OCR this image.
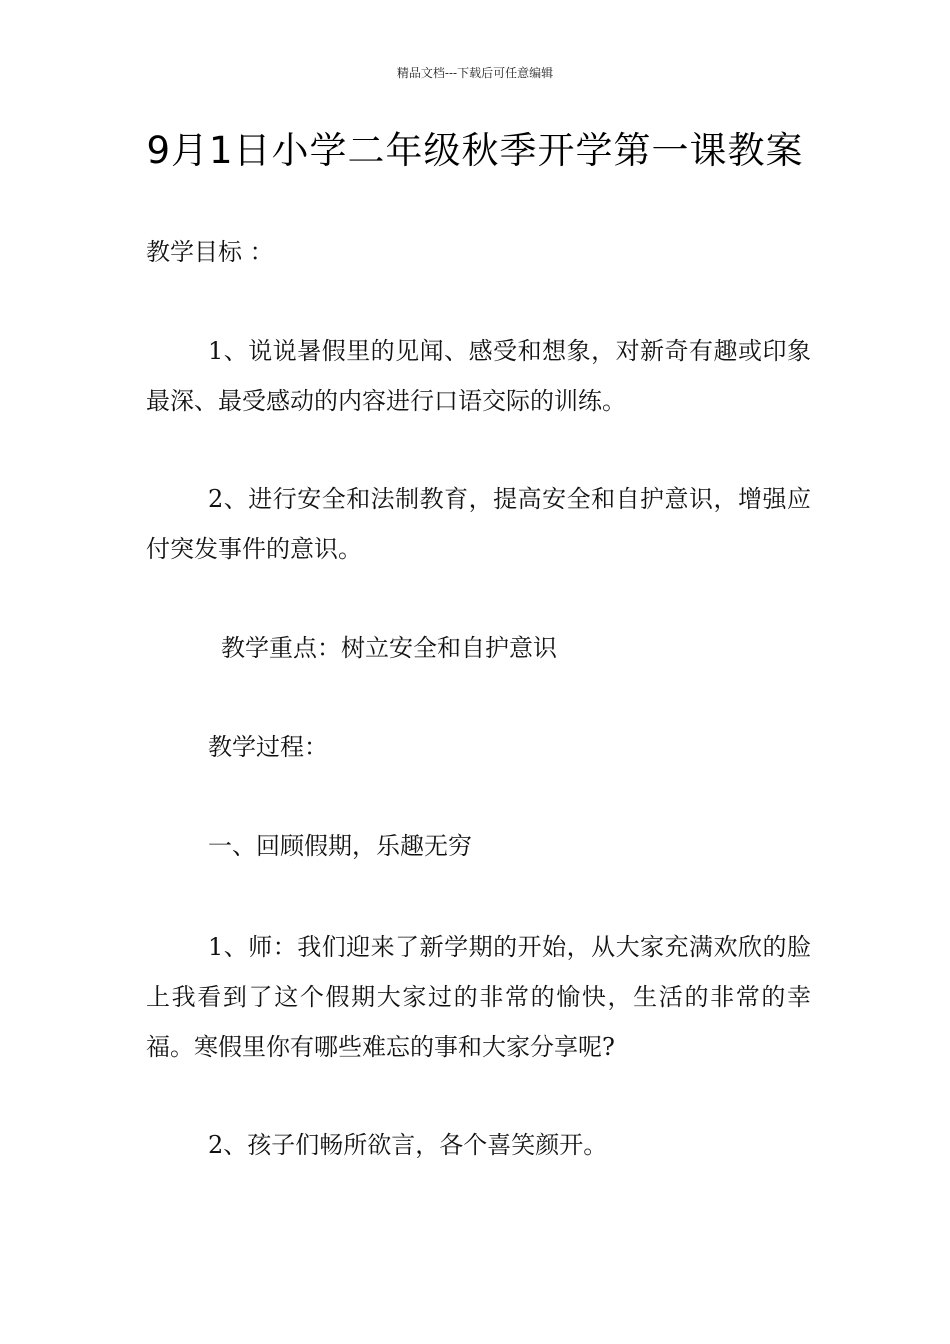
精品文档---下载后可任意编辑
9月1日小学二年级秋季开学第一课教案
教学目标 ：
1、说说暑假里的见闻、感受和想象，对新奇有趣或印象最深、最受感动的内容进行口语交际的训练。
2、进行安全和法制教育，提高安全和自护意识，增强应付突发事件的意识。
教学重点：树立安全和自护意识
教学过程：
一、回顾假期，乐趣无穷
1、师：我们迎来了新学期的开始，从大家充满欢欣的脸上我看到了这个假期大家过的非常的愉快，生活的非常的幸福。寒假里你有哪些难忘的事和大家分享呢?
2、孩子们畅所欲言，各个喜笑颜开。
